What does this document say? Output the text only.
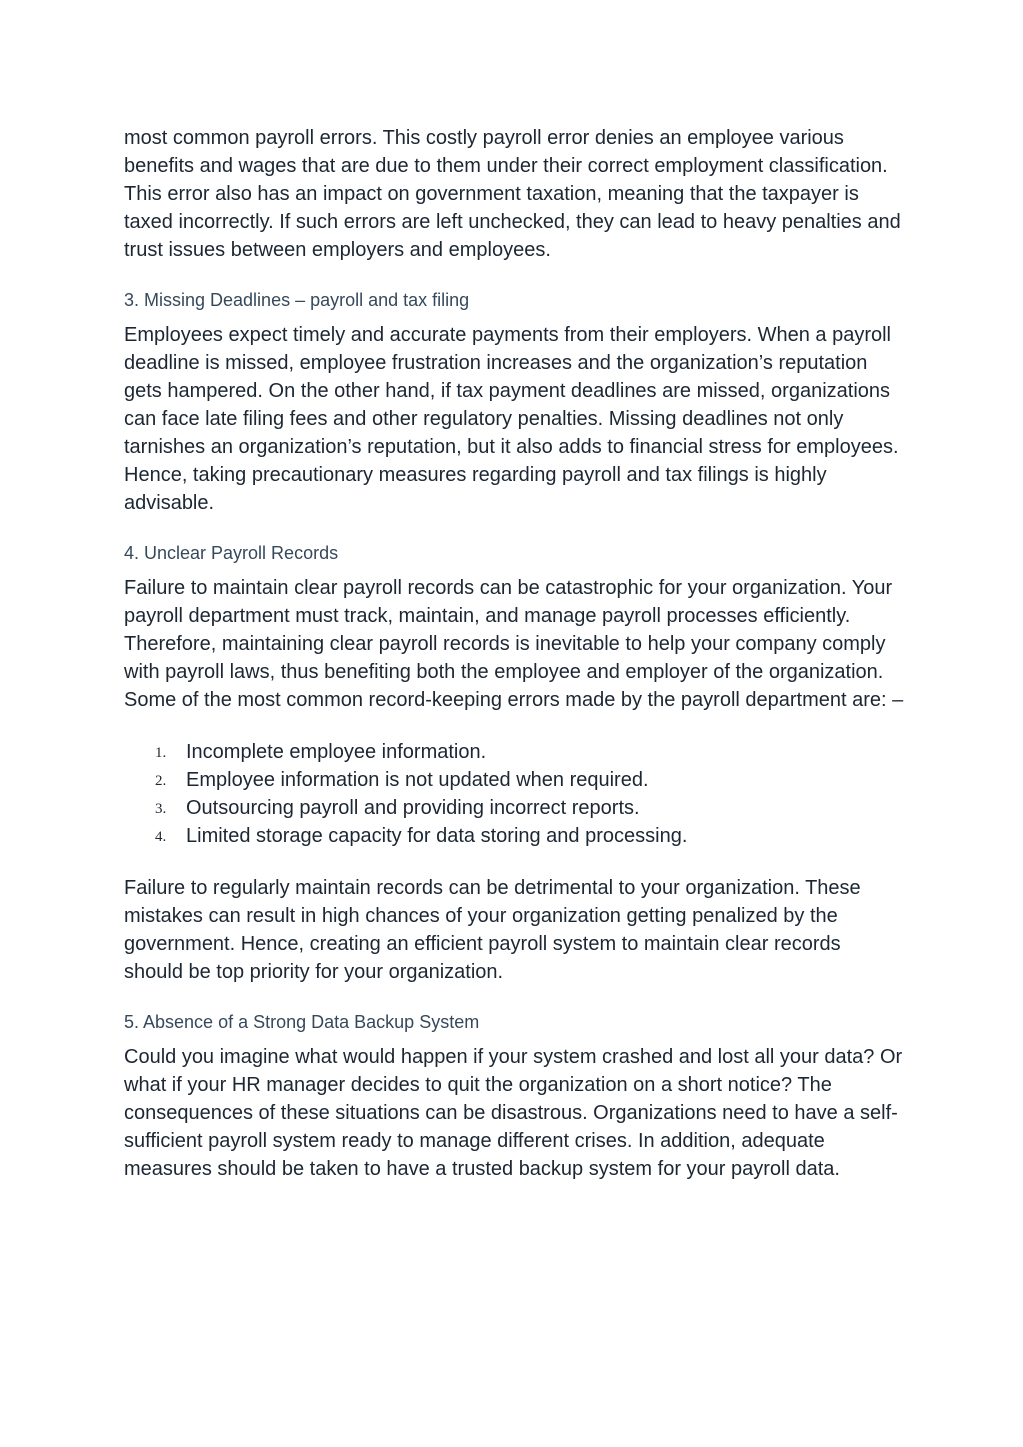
most common payroll errors. This costly payroll error denies an employee various benefits and wages that are due to them under their correct employment classification. This error also has an impact on government taxation, meaning that the taxpayer is taxed incorrectly. If such errors are left unchecked, they can lead to heavy penalties and trust issues between employers and employees.

3. Missing Deadlines – payroll and tax filing

Employees expect timely and accurate payments from their employers. When a payroll deadline is missed, employee frustration increases and the organization’s reputation gets hampered. On the other hand, if tax payment deadlines are missed, organizations can face late filing fees and other regulatory penalties. Missing deadlines not only tarnishes an organization’s reputation, but it also adds to financial stress for employees. Hence, taking precautionary measures regarding payroll and tax filings is highly advisable.

4. Unclear Payroll Records

Failure to maintain clear payroll records can be catastrophic for your organization. Your payroll department must track, maintain, and manage payroll processes efficiently. Therefore, maintaining clear payroll records is inevitable to help your company comply with payroll laws, thus benefiting both the employee and employer of the organization.

Some of the most common record-keeping errors made by the payroll department are: –

1. Incomplete employee information.
2. Employee information is not updated when required.
3. Outsourcing payroll and providing incorrect reports.
4. Limited storage capacity for data storing and processing.

Failure to regularly maintain records can be detrimental to your organization. These mistakes can result in high chances of your organization getting penalized by the government. Hence, creating an efficient payroll system to maintain clear records should be top priority for your organization.

5. Absence of a Strong Data Backup System

Could you imagine what would happen if your system crashed and lost all your data? Or what if your HR manager decides to quit the organization on a short notice? The consequences of these situations can be disastrous. Organizations need to have a self-sufficient payroll system ready to manage different crises. In addition, adequate measures should be taken to have a trusted backup system for your payroll data.
